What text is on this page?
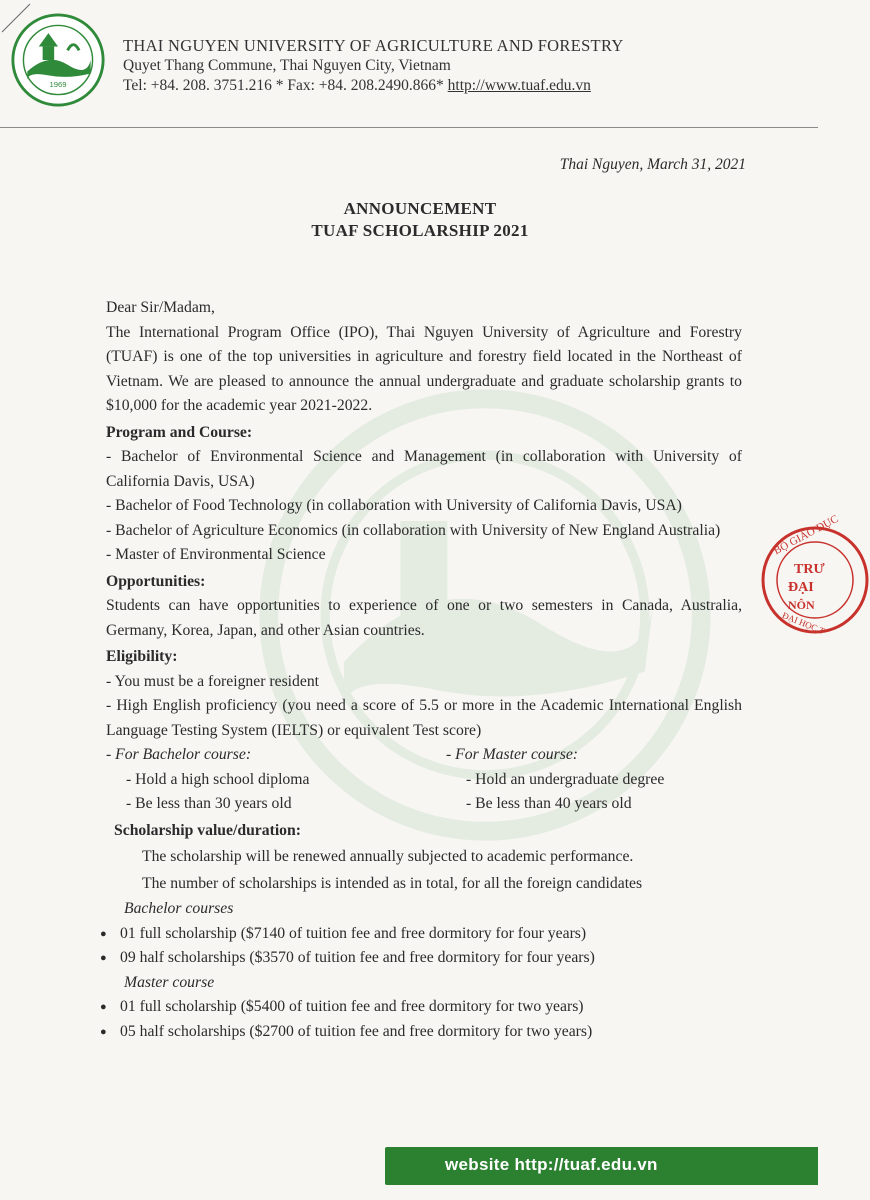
1969
THAI NGUYEN UNIVERSITY OF AGRICULTURE AND FORESTRY
Quyet Thang Commune, Thai Nguyen City, Vietnam
Tel: +84. 208. 3751.216 * Fax: +84. 208.2490.866* http://www.tuaf.edu.vn
Thai Nguyen, March 31, 2021
ANNOUNCEMENT
TUAF SCHOLARSHIP 2021

Dear Sir/Madam,

The International Program Office (IPO), Thai Nguyen University of Agriculture and Forestry (TUAF) is one of the top universities in agriculture and forestry field located in the Northeast of Vietnam. We are pleased to announce the annual undergraduate and graduate scholarship grants to $10,000 for the academic year 2021-2022.

Program and Course:

- Bachelor of Environmental Science and Management (in collaboration with University of California Davis, USA)

- Bachelor of Food Technology (in collaboration with University of California Davis, USA)

- Bachelor of Agriculture Economics (in collaboration with University of New England Australia)

- Master of Environmental Science

Opportunities:

Students can have opportunities to experience of one or two semesters in Canada, Australia, Germany, Korea, Japan, and other Asian countries.

Eligibility:

- You must be a foreigner resident

- High English proficiency (you need a score of 5.5 or more in the Academic International English Language Testing System (IELTS) or equivalent Test score)

- For Bachelor course:

- Hold a high school diploma

- Be less than 30 years old

- For Master course:

- Hold an undergraduate degree

- Be less than 40 years old

Scholarship value/duration:

The scholarship will be renewed annually subjected to academic performance.

The number of scholarships is intended as in total, for all the foreign candidates

Bachelor courses

● 01 full scholarship ($7140 of tuition fee and free dormitory for four years)
● 09 half scholarships ($3570 of tuition fee and free dormitory for four years)

Master course

● 01 full scholarship ($5400 of tuition fee and free dormitory for two years)
● 05 half scholarships ($2700 of tuition fee and free dormitory for two years)
BỘ GIÁO DỤC
TRƯ
ĐẠI
NÔN
ĐẠI HỌC T
website http://tuaf.edu.vn
